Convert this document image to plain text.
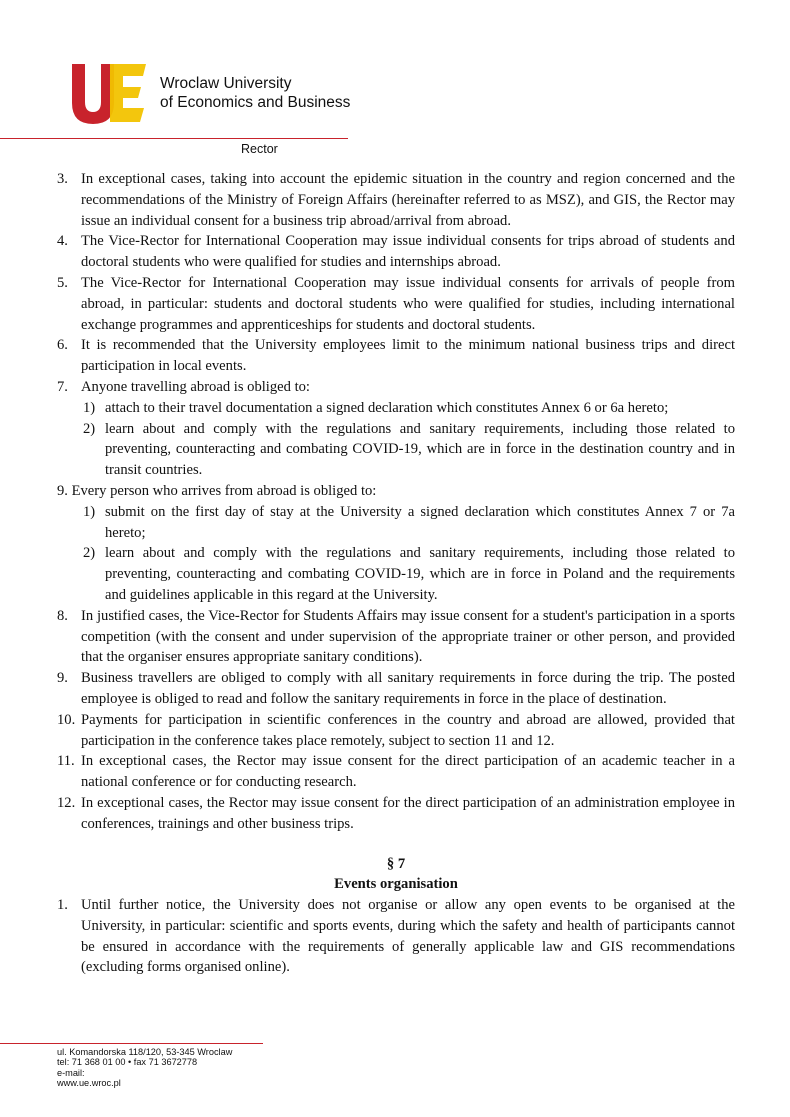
Wroclaw University
of Economics and Business
Rector
3. In exceptional cases, taking into account the epidemic situation in the country and region concerned and the recommendations of the Ministry of Foreign Affairs (hereinafter referred to as MSZ), and GIS, the Rector may issue an individual consent for a business trip abroad/arrival from abroad.
4. The Vice-Rector for International Cooperation may issue individual consents for trips abroad of students and doctoral students who were qualified for studies and internships abroad.
5. The Vice-Rector for International Cooperation may issue individual consents for arrivals of people from abroad, in particular: students and doctoral students who were qualified for studies, including international exchange programmes and apprenticeships for students and doctoral students.
6. It is recommended that the University employees limit to the minimum national business trips and direct participation in local events.
7. Anyone travelling abroad is obliged to:
1) attach to their travel documentation a signed declaration which constitutes Annex 6 or 6a hereto;
2) learn about and comply with the regulations and sanitary requirements, including those related to preventing, counteracting and combating COVID-19, which are in force in the destination country and in transit countries.
9. Every person who arrives from abroad is obliged to:
1) submit on the first day of stay at the University a signed declaration which constitutes Annex 7 or 7a hereto;
2) learn about and comply with the regulations and sanitary requirements, including those related to preventing, counteracting and combating COVID-19, which are in force in Poland and the requirements and guidelines applicable in this regard at the University.
8. In justified cases, the Vice-Rector for Students Affairs may issue consent for a student's participation in a sports competition (with the consent and under supervision of the appropriate trainer or other person, and provided that the organiser ensures appropriate sanitary conditions).
9. Business travellers are obliged to comply with all sanitary requirements in force during the trip. The posted employee is obliged to read and follow the sanitary requirements in force in the place of destination.
10. Payments for participation in scientific conferences in the country and abroad are allowed, provided that participation in the conference takes place remotely, subject to section 11 and 12.
11. In exceptional cases, the Rector may issue consent for the direct participation of an academic teacher in a national conference or for conducting research.
12. In exceptional cases, the Rector may issue consent for the direct participation of an administration employee in conferences, trainings and other business trips.
§ 7
Events organisation
1. Until further notice, the University does not organise or allow any open events to be organised at the University, in particular: scientific and sports events, during which the safety and health of participants cannot be ensured in accordance with the requirements of generally applicable law and GIS recommendations (excluding forms organised online).
ul. Komandorska 118/120, 53-345 Wroclaw
tel: 71 368 01 00 • fax 71 3672778
e-mail:
www.ue.wroc.pl
